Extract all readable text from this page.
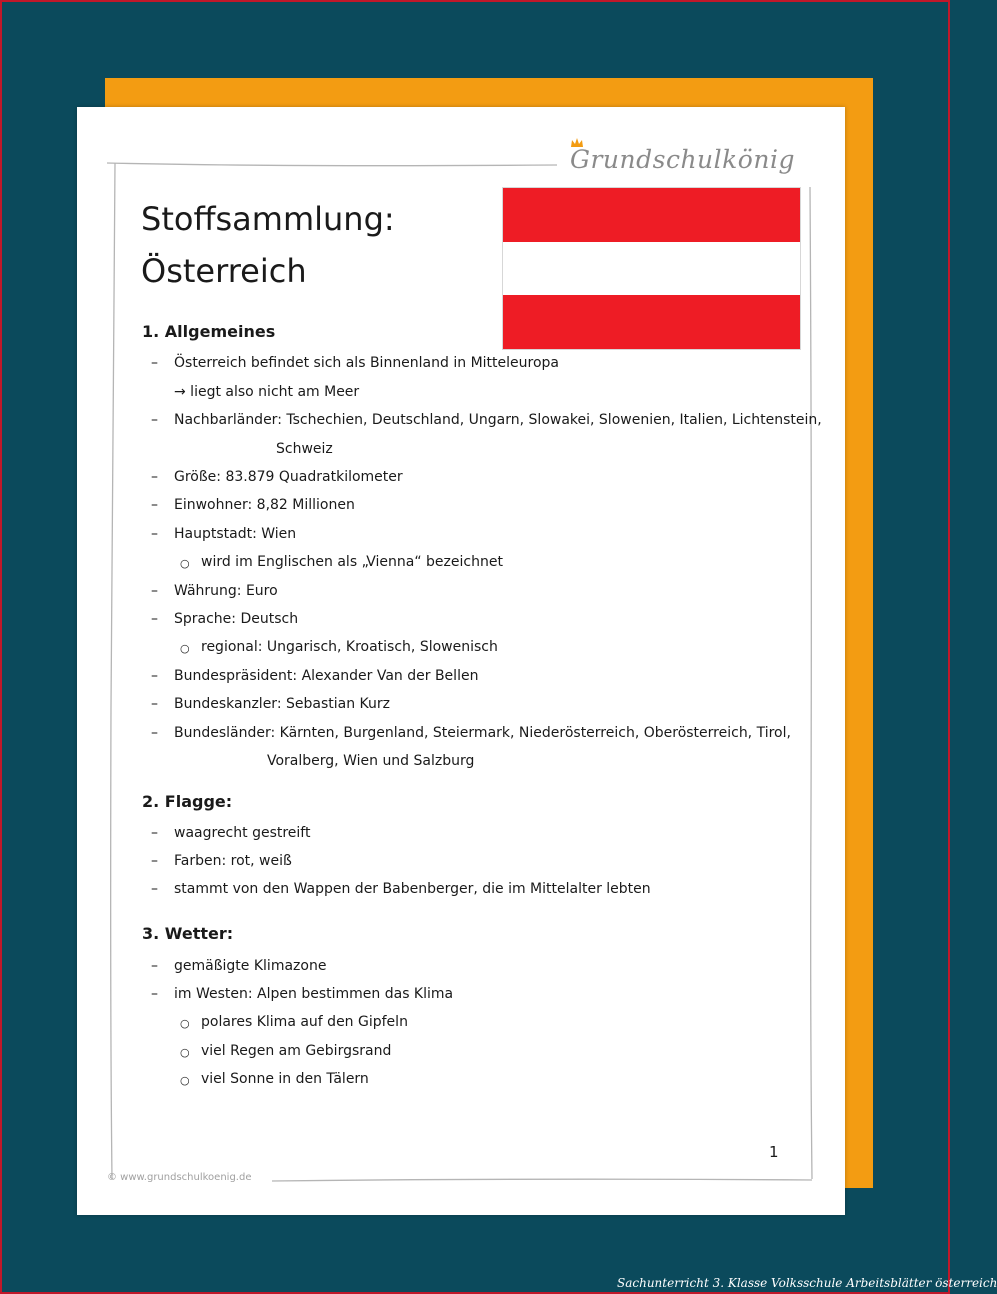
Grundschulkönig
Stoffsammlung:
Österreich
1. Allgemeines
– Österreich befindet sich als Binnenland in Mitteleuropa
→ liegt also nicht am Meer
– Nachbarländer: Tschechien, Deutschland, Ungarn, Slowakei, Slowenien, Italien, Lichtenstein,
Schweiz
– Größe: 83.879 Quadratkilometer
– Einwohner: 8,82 Millionen
– Hauptstadt: Wien
○ wird im Englischen als „Vienna“ bezeichnet
– Währung: Euro
– Sprache: Deutsch
○ regional: Ungarisch, Kroatisch, Slowenisch
– Bundespräsident: Alexander Van der Bellen
– Bundeskanzler: Sebastian Kurz
– Bundesländer: Kärnten, Burgenland, Steiermark, Niederösterreich, Oberösterreich, Tirol,
Voralberg, Wien und Salzburg
2. Flagge:
– waagrecht gestreift
– Farben: rot, weiß
– stammt von den Wappen der Babenberger, die im Mittelalter lebten
3. Wetter:
– gemäßigte Klimazone
– im Westen: Alpen bestimmen das Klima
○ polares Klima auf den Gipfeln
○ viel Regen am Gebirgsrand
○ viel Sonne in den Tälern
1
© www.grundschulkoenig.de
Sachunterricht 3. Klasse Volksschule Arbeitsblätter österreich
